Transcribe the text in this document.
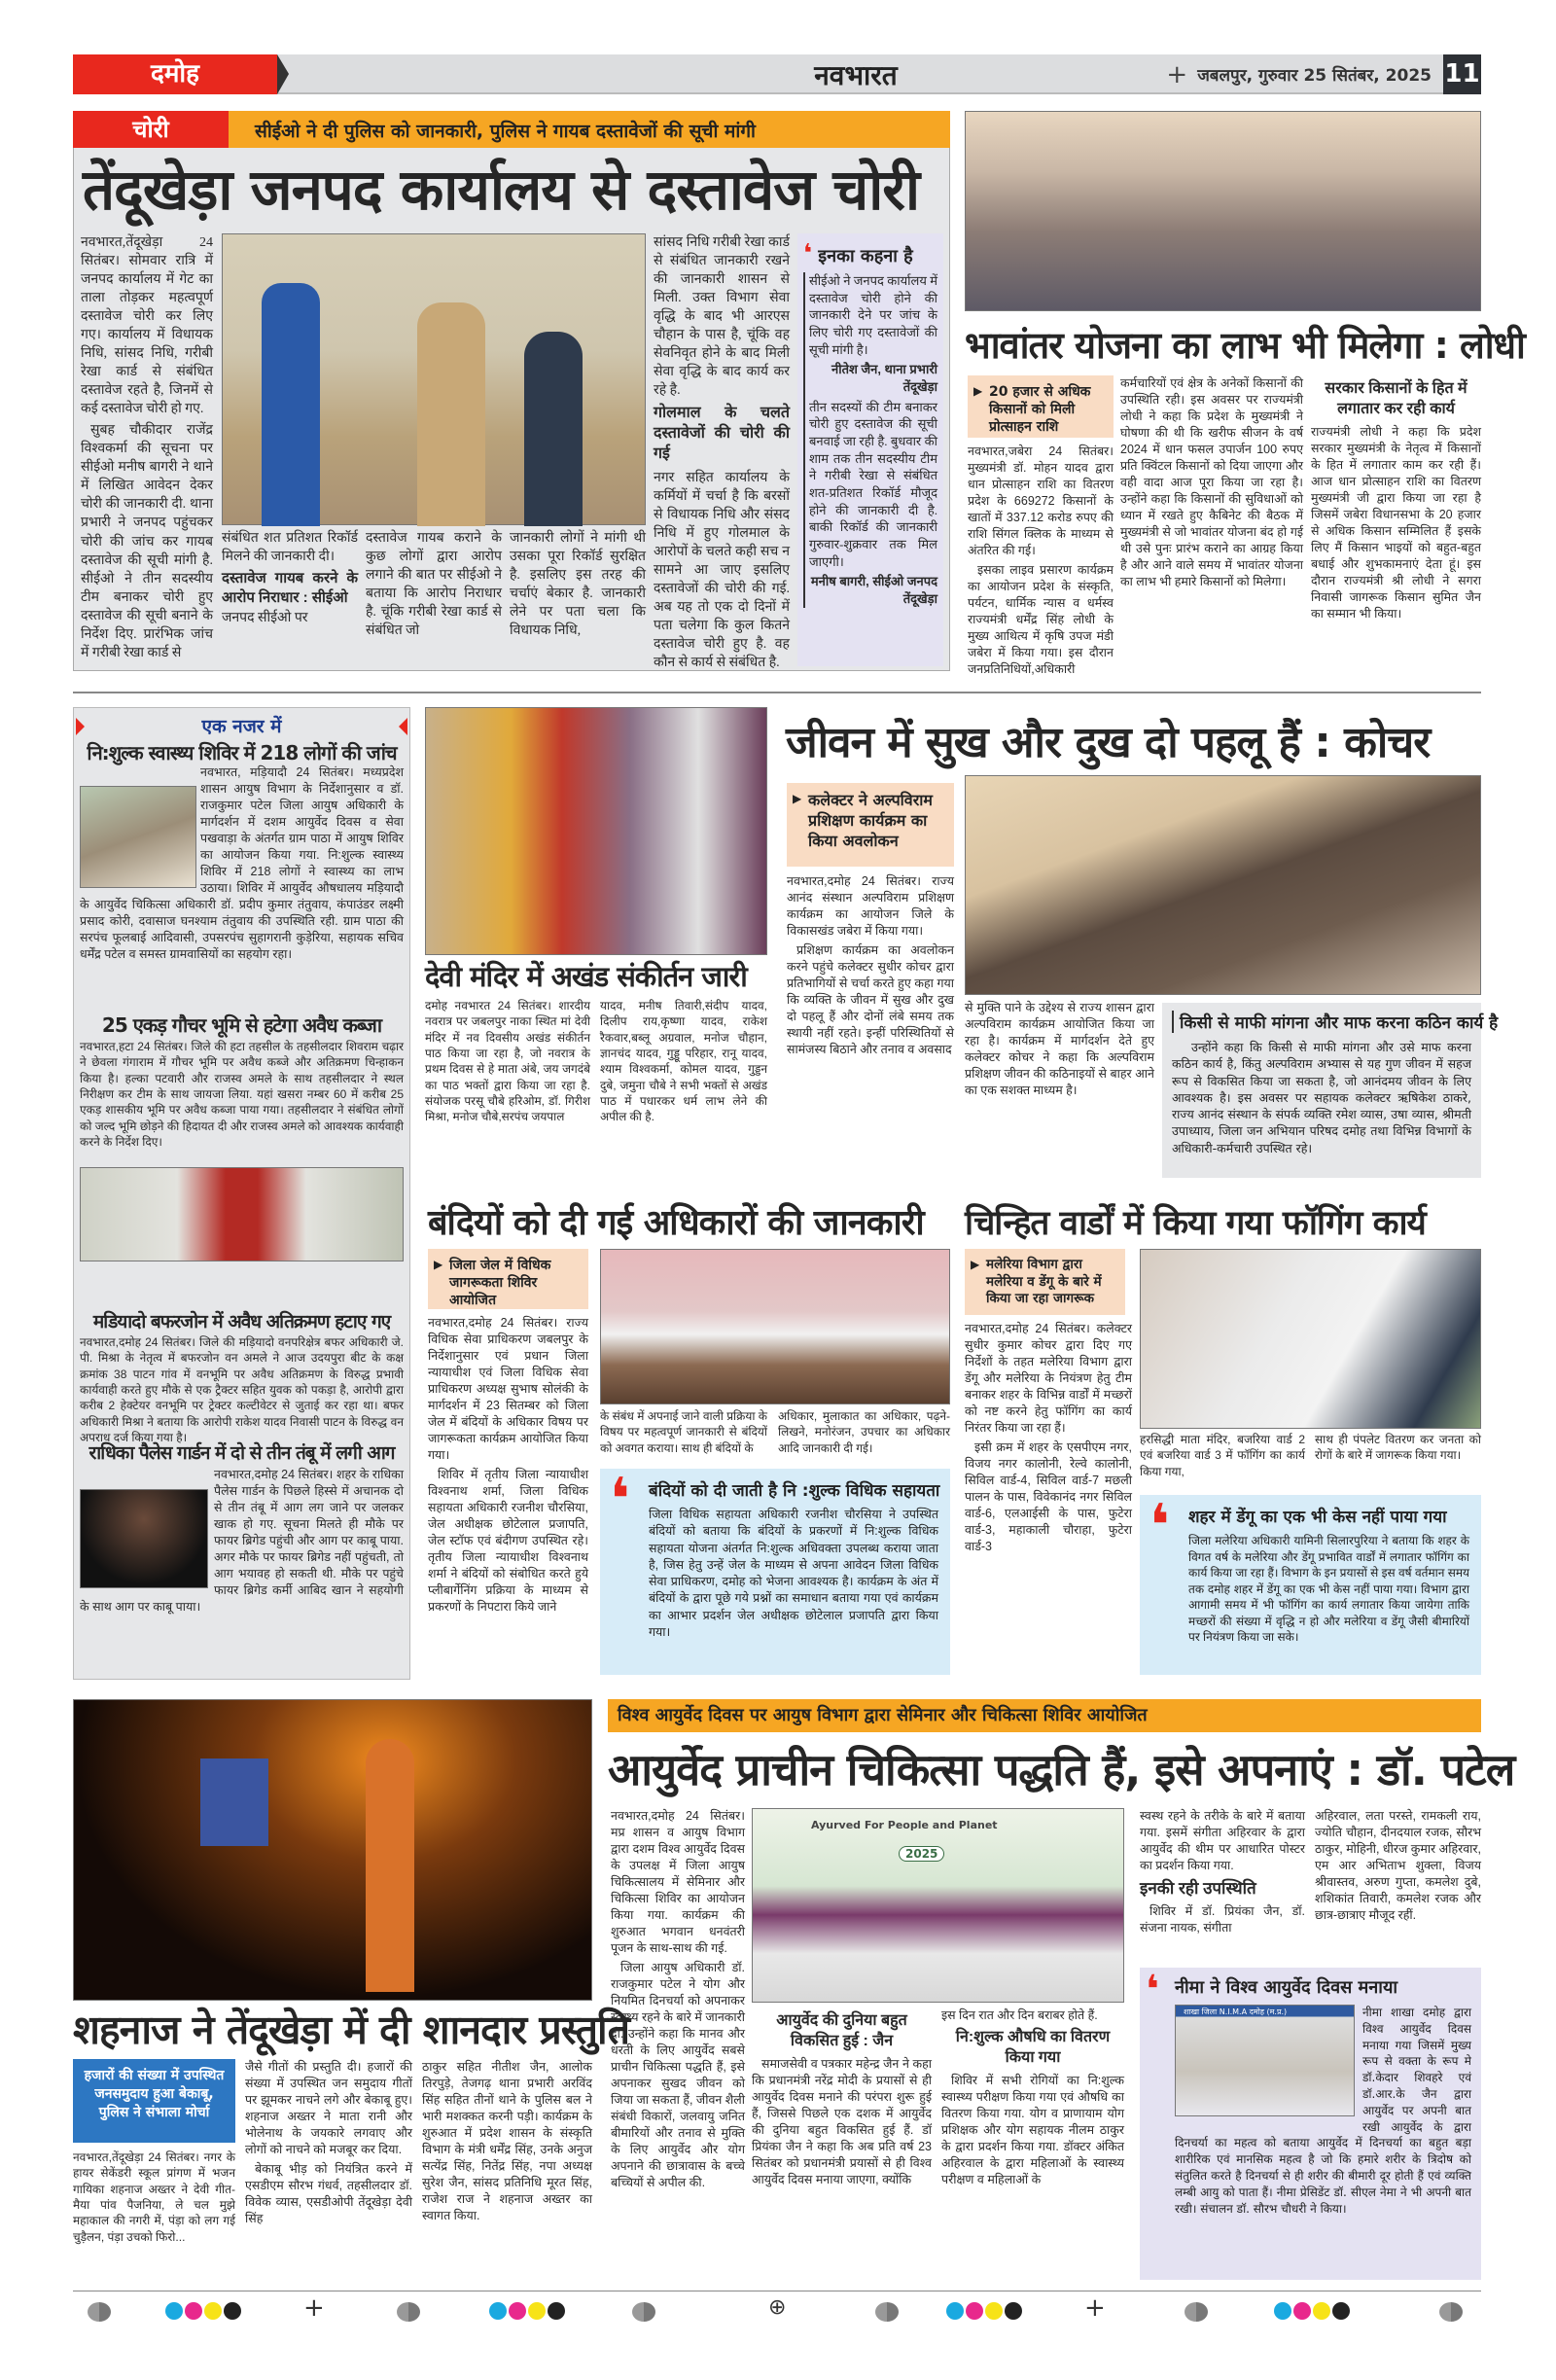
दमोह	नवभारत	+ जबलपुर, गुरुवार 25 सितंबर, 2025 11
चोरी	सीईओ ने दी पुलिस को जानकारी, पुलिस ने गायब दस्तावेजों की सूची मांगी
तेंदूखेड़ा जनपद कार्यालय से दस्तावेज चोरी

नवभारत,तेंदूखेड़ा 24 सितंबर। सोमवार रात्रि में जनपद कार्यालय में गेट का ताला तोड़कर महत्वपूर्ण दस्तावेज चोरी कर लिए गए। कार्यालय में विधायक निधि, सांसद निधि, गरीबी रेखा कार्ड से संबंधित दस्तावेज रहते है, जिनमें से कई दस्तावेज चोरी हो गए.

सुबह चौकीदार राजेंद्र विश्वकर्मा की सूचना पर सीईओ मनीष बागरी ने थाने में लिखित आवेदन देकर चोरी की जानकारी दी. थाना प्रभारी ने जनपद पहुंचकर चोरी की जांच कर गायब दस्तावेज की सूची मांगी है. सीईओ ने तीन सदस्यीय टीम बनाकर चोरी हुए दस्तावेज की सूची बनाने के निर्देश दिए. प्रारंभिक जांच में गरीबी रेखा कार्ड से

संबंधित शत प्रतिशत रिकॉर्ड मिलने की जानकारी दी।

दस्तावेज गायब करने के आरोप निराधार : सीईओ

जनपद सीईओ पर

दस्तावेज गायब कराने के कुछ लोगों द्वारा आरोप लगाने की बात पर सीईओ ने बताया कि आरोप निराधार है. चूंकि गरीबी रेखा कार्ड से संबंधित जो

जानकारी लोगों ने मांगी थी उसका पूरा रिकॉर्ड सुरक्षित है. इसलिए इस तरह की चर्चाएं बेकार है. जानकारी लेने पर पता चला कि विधायक निधि,

सांसद निधि गरीबी रेखा कार्ड से संबंधित जानकारी रखने की जानकारी शासन से मिली. उक्त विभाग सेवा वृद्धि के बाद भी आरएस चौहान के पास है, चूंकि वह सेवनिवृत होने के बाद मिली सेवा वृद्धि के बाद कार्य कर रहे है.

गोलमाल के चलते दस्तावेजों की चोरी की गई

नगर सहित कार्यालय के कर्मियों में चर्चा है कि बरसों से विधायक निधि और संसद निधि में हुए गोलमाल के आरोपों के चलते कही सच न सामने आ जाए इसलिए दस्तावेजों की चोरी की गई. अब यह तो एक दो दिनों में पता चलेगा कि कुल कितने दस्तावेज चोरी हुए है. वह कौन से कार्य से संबंधित है.

❛ इनका कहना है

सीईओ ने जनपद कार्यालय में दस्तावेज चोरी होने की जानकारी देने पर जांच के लिए चोरी गए दस्तावेजों की सूची मांगी है।

नीतेश जैन, थाना प्रभारी तेंदूखेड़ा

तीन सदस्यों की टीम बनाकर चोरी हुए दस्तावेज की सूची बनवाई जा रही है. बुधवार की शाम तक तीन सदस्यीय टीम ने गरीबी रेखा से संबंधित शत-प्रतिशत रिकॉर्ड मौजूद होने की जानकारी दी है. बाकी रिकॉर्ड की जानकारी गुरुवार-शुक्रवार तक मिल जाएगी।

मनीष बागरी, सीईओ जनपद तेंदूखेड़ा

भावांतर योजना का लाभ भी मिलेगा : लोधी
▶ 20 हजार से अधिक किसानों को मिली प्रोत्साहन राशि

नवभारत,जबेरा 24 सितंबर। मुख्यमंत्री डॉ. मोहन यादव द्वारा धान प्रोत्साहन राशि का वितरण प्रदेश के 669272 किसानों के खातों में 337.12 करोड रुपए की राशि सिंगल क्लिक के माध्यम से अंतरित की गई।

इसका लाइव प्रसारण कार्यक्रम का आयोजन प्रदेश के संस्कृति, पर्यटन, धार्मिक न्यास व धर्मस्व राज्यमंत्री धर्मेंद्र सिंह लोधी के मुख्य आथित्य में कृषि उपज मंडी जबेरा में किया गया। इस दौरान जनप्रतिनिधियों,अधिकारी

कर्मचारियों एवं क्षेत्र के अनेकों किसानों की उपस्थिति रही। इस अवसर पर राज्यमंत्री लोधी ने कहा कि प्रदेश के मुख्यमंत्री ने घोषणा की थी कि खरीफ सीजन के वर्ष 2024 में धान फसल उपार्जन 100 रुपए प्रति क्विंटल किसानों को दिया जाएगा और वही वादा आज पूरा किया जा रहा है। उन्होंने कहा कि किसानों की सुविधाओं को ध्यान में रखते हुए कैबिनेट की बैठक में मुख्यमंत्री से जो भावांतर योजना बंद हो गई थी उसे पुनः प्रारंभ कराने का आग्रह किया है और आने वाले समय में भावांतर योजना का लाभ भी हमारे किसानों को मिलेगा।

सरकार किसानों के हित में लगातार कर रही कार्य

राज्यमंत्री लोधी ने कहा कि प्रदेश सरकार मुख्यमंत्री के नेतृत्व में किसानों के हित में लगातार काम कर रही हैं। आज धान प्रोत्साहन राशि का वितरण मुख्यमंत्री जी द्वारा किया जा रहा है जिसमें जबेरा विधानसभा के 20 हजार से अधिक किसान सम्मिलित हैं इसके लिए मैं किसान भाइयों को बहुत-बहुत बधाई और शुभकामनाएं देता हूं। इस दौरान राज्यमंत्री श्री लोधी ने सगरा निवासी जागरूक किसान सुमित जैन का सम्मान भी किया।

एक नजर में
नि:शुल्क स्वास्थ्य शिविर में 218 लोगों की जांच

नवभारत, मड़ियादौ 24 सितंबर। मध्यप्रदेश शासन आयुष विभाग के निर्देशानुसार व डॉ. राजकुमार पटेल जिला आयुष अधिकारी के मार्गदर्शन में दशम आयुर्वेद दिवस व सेवा पखवाड़ा के अंतर्गत ग्राम पाठा में आयुष शिविर का आयोजन किया गया. नि:शुल्क स्वास्थ्य शिविर में 218 लोगों ने स्वास्थ्य का लाभ उठाया। शिविर में आयुर्वेद औषधालय मड़ियादौ के आयुर्वेद चिकित्सा अधिकारी डॉ. प्रदीप कुमार तंतुवाय, कंपाउंडर लक्ष्मी प्रसाद कोरी, दवासाज घनश्याम तंतुवाय की उपस्थिति रही. ग्राम पाठा की सरपंच फूलबाई आदिवासी, उपसरपंच सुहागरानी कुड़ेरिया, सहायक सचिव धर्मेंद्र पटेल व समस्त ग्रामवासियों का सहयोग रहा।

25 एकड़ गौचर भूमि से हटेगा अवैध कब्जा

नवभारत,हटा 24 सितंबर। जिले की हटा तहसील के तहसीलदार शिवराम चढ़ार ने छेवला गंगाराम में गौचर भूमि पर अवैध कब्जे और अतिक्रमण चिन्हाकन किया है। हल्का पटवारी और राजस्व अमले के साथ तहसीलदार ने स्थल निरीक्षण कर टीम के साथ जायजा लिया. यहां खसरा नम्बर 60 में करीब 25 एकड़ शासकीय भूमि पर अवैध कब्जा पाया गया। तहसीलदार ने संबंधित लोगों को जल्द भूमि छोड़ने की हिदायत दी और राजस्व अमले को आवश्यक कार्यवाही करने के निर्देश दिए।

मडियादो बफरजोन में अवैध अतिक्रमण हटाए गए

नवभारत,दमोह 24 सितंबर। जिले की मड़ियादो वनपरिक्षेत्र बफर अधिकारी जे. पी. मिश्रा के नेतृत्व में बफरजोन वन अमले ने आज उदयपुरा बीट के कक्ष क्रमांक 38 पाटन गांव में वनभूमि पर अवैध अतिक्रमण के विरुद्ध प्रभावी कार्यवाही करते हुए मौके से एक ट्रैक्टर सहित युवक को पकड़ा है, आरोपी द्वारा करीब 2 हेक्टेयर वनभूमि पर ट्रेक्टर कल्टीवेटर से जुताई कर रहा था। बफर अधिकारी मिश्रा ने बताया कि आरोपी राकेश यादव निवासी पाटन के विरुद्ध वन अपराध दर्ज किया गया है।

राधिका पैलेस गार्डन में दो से तीन तंबू में लगी आग

नवभारत,दमोह 24 सितंबर। शहर के राधिका पैलेस गार्डन के पिछले हिस्से में अचानक दो से तीन तंबू में आग लग जाने पर जलकर खाक हो गए. सूचना मिलते ही मौके पर फायर ब्रिगेड पहुंची और आग पर काबू पाया. अगर मौके पर फायर ब्रिगेड नहीं पहुंचती, तो आग भयावह हो सकती थी. मौके पर पहुंचे फायर ब्रिगेड कर्मी आबिद खान ने सहयोगी के साथ आग पर काबू पाया।

देवी मंदिर में अखंड संकीर्तन जारी

दमोह नवभारत 24 सितंबर। शारदीय नवरात्र पर जबलपुर नाका स्थित मां देवी मंदिर में नव दिवसीय अखंड संकीर्तन पाठ किया जा रहा है, जो नवरात्र के प्रथम दिवस से हे माता अंबे, जय जगदंबे का पाठ भक्तों द्वारा किया जा रहा है. संयोजक परसू चौबे हरिओम, डॉ. गिरीश मिश्रा, मनोज चौबे,सरपंच जयपाल

यादव, मनीष तिवारी,संदीप यादव, दिलीप राय,कृष्णा यादव, राकेश रैकवार,बब्लू अग्रवाल, मनोज चौहान, ज्ञानचंद यादव, गुड्डू परिहार, रानू यादव, श्याम विश्वकर्मा, कोमल यादव, गुड्डन दुबे, जमुना चौबे ने सभी भक्तों से अखंड पाठ में पधारकर धर्म लाभ लेने की अपील की है.

जीवन में सुख और दुख दो पहलू हैं : कोचर
▶ कलेक्टर ने अल्पविराम प्रशिक्षण कार्यक्रम का किया अवलोकन

नवभारत,दमोह 24 सितंबर। राज्य आनंद संस्थान अल्पविराम प्रशिक्षण कार्यक्रम का आयोजन जिले के विकासखंड जबेरा में किया गया।

प्रशिक्षण कार्यक्रम का अवलोकन करने पहुंचे कलेक्टर सुधीर कोचर द्वारा प्रतिभागियों से चर्चा करते हुए कहा गया कि व्यक्ति के जीवन में सुख और दुख दो पहलू हैं और दोनों लंबे समय तक स्थायी नहीं रहते। इन्हीं परिस्थितियों से सामंजस्य बिठाने और तनाव व अवसाद

से मुक्ति पाने के उद्देश्य से राज्य शासन द्वारा अल्पविराम कार्यक्रम आयोजित किया जा रहा है। कार्यक्रम में मार्गदर्शन देते हुए कलेक्टर कोचर ने कहा कि अल्पविराम प्रशिक्षण जीवन की कठिनाइयों से बाहर आने का एक सशक्त माध्यम है।

किसी से माफी मांगना और माफ करना कठिन कार्य है
उन्होंने कहा कि किसी से माफी मांगना और उसे माफ करना कठिन कार्य है, किंतु अल्पविराम अभ्यास से यह गुण जीवन में सहज रूप से विकसित किया जा सकता है, जो आनंदमय जीवन के लिए आवश्यक है। इस अवसर पर सहायक कलेक्टर ऋषिकेश ठाकरे, राज्य आनंद संस्थान के संपर्क व्यक्ति रमेश व्यास, उषा व्यास, श्रीमती उपाध्याय, जिला जन अभियान परिषद दमोह तथा विभिन्न विभागों के अधिकारी-कर्मचारी उपस्थित रहे।
बंदियों को दी गई अधिकारों की जानकारी
▶ जिला जेल में विधिक जागरूकता शिविर आयोजित

नवभारत,दमोह 24 सितंबर। राज्य विधिक सेवा प्राधिकरण जबलपुर के निर्देशानुसार एवं प्रधान जिला न्यायाधीश एवं जिला विधिक सेवा प्राधिकरण अध्यक्ष सुभाष सोलंकी के मार्गदर्शन में 23 सितम्बर को जिला जेल में बंदियों के अधिकार विषय पर जागरूकता कार्यक्रम आयोजित किया गया।

शिविर में तृतीय जिला न्यायाधीश विश्वनाथ शर्मा, जिला विधिक सहायता अधिकारी रजनीश चौरसिया, जेल अधीक्षक छोटेलाल प्रजापति, जेल स्टॉफ एवं बंदीगण उपस्थित रहे। तृतीय जिला न्यायाधीश विश्वनाथ शर्मा ने बंदियों को संबोधित करते हुये प्लीबार्गेनिंग प्रक्रिया के माध्यम से प्रकरणों के निपटारा किये जाने

के संबंध में अपनाई जाने वाली प्रक्रिया के विषय पर महत्वपूर्ण जानकारी से बंदियों को अवगत कराया। साथ ही बंदियों के

अधिकार, मुलाकात का अधिकार, पढ़ने-लिखने, मनोरंजन, उपचार का अधिकार आदि जानकारी दी गई।

❛ बंदियों को दी जाती है नि :शुल्क विधिक सहायता
जिला विधिक सहायता अधिकारी रजनीश चौरसिया ने उपस्थित बंदियों को बताया कि बंदियों के प्रकरणों में नि:शुल्क विधिक सहायता योजना अंतर्गत नि:शुल्क अधिवक्ता उपलब्ध कराया जाता है, जिस हेतु उन्हें जेल के माध्यम से अपना आवेदन जिला विधिक सेवा प्राधिकरण, दमोह को भेजना आवश्यक है। कार्यक्रम के अंत में बंदियों के द्वारा पूछे गये प्रश्नों का समाधान बताया गया एवं कार्यक्रम का आभार प्रदर्शन जेल अधीक्षक छोटेलाल प्रजापति द्वारा किया गया।
चिन्हित वार्डों में किया गया फॉगिंग कार्य
▶ मलेरिया विभाग द्वारा मलेरिया व डेंगू के बारे में किया जा रहा जागरूक

नवभारत,दमोह 24 सितंबर। कलेक्टर सुधीर कुमार कोचर द्वारा दिए गए निर्देशों के तहत मलेरिया विभाग द्वारा डेंगू और मलेरिया के नियंत्रण हेतु टीम बनाकर शहर के विभिन्न वार्डों में मच्छरों को नष्ट करने हेतु फॉगिंग का कार्य निरंतर किया जा रहा हैं।

इसी क्रम में शहर के एसपीएम नगर, विजय नगर कालोनी, रेल्वे कालोनी, सिविल वार्ड-4, सिविल वार्ड-7 मछली पालन के पास, विवेकानंद नगर सिविल वार्ड-6, एलआईसी के पास, फुटेरा वार्ड-3, महाकाली चौराहा, फुटेरा वार्ड-3

हरसिद्धी माता मंदिर, बजरिया वार्ड 2 एवं बजरिया वार्ड 3 में फॉगिंग का कार्य किया गया,

साथ ही पंपलेट वितरण कर जनता को रोगों के बारे में जागरूक किया गया।

❛ शहर में डेंगू का एक भी केस नहीं पाया गया
जिला मलेरिया अधिकारी यामिनी सिलारपुरिया ने बताया कि शहर के विगत वर्ष के मलेरिया और डेंगू प्रभावित वार्डों में लगातार फॉगिंग का कार्य किया जा रहा हैं। विभाग के इन प्रयासों से इस वर्ष वर्तमान समय तक दमोह शहर में डेंगू का एक भी केस नहीं पाया गया। विभाग द्वारा आगामी समय में भी फॉगिंग का कार्य लगातार किया जायेगा ताकि मच्छरों की संख्या में वृद्धि न हो और मलेरिया व डेंगू जैसी बीमारियों पर नियंत्रण किया जा सके।
शहनाज ने तेंदूखेड़ा में दी शानदार प्रस्तुति
हजारों की संख्या में उपस्थित जनसमुदाय हुआ बेकाबू, पुलिस ने संभाला मोर्चा

नवभारत,तेंदूखेड़ा 24 सितंबर। नगर के हायर सेकेंडरी स्कूल प्रांगण में भजन गायिका शहनाज अख्तर ने देवी गीत-मैया पांव पैजनिया, ले चल मुझे महाकाल की नगरी में, पंड़ा को लग गई चुड़ैलन, पंड़ा उचको फिरो...

जैसे गीतों की प्रस्तुति दी। हजारों की संख्या में उपस्थित जन समुदाय गीतों पर झूमकर नाचने लगे और बेकाबू हुए। शहनाज अख्तर ने माता रानी और भोलेनाथ के जयकारे लगवाए और लोगों को नाचने को मजबूर कर दिया.

बेकाबू भीड़ को नियंत्रित करने में एसडीएम सौरभ गंधर्व, तहसीलदार डॉ. विवेक व्यास, एसडीओपी तेंदूखेड़ा देवी सिंह

ठाकुर सहित नीतीश जैन, आलोक तिरपुड़े, तेजगढ़ थाना प्रभारी अरविंद सिंह सहित तीनों थाने के पुलिस बल ने भारी मशक्कत करनी पड़ी। कार्यक्रम के शुरुआत में प्रदेश शासन के संस्कृति विभाग के मंत्री धर्मेंद्र सिंह, उनके अनुज सत्येंद्र सिंह, नितेंद्र सिंह, नपा अध्यक्ष सुरेश जैन, सांसद प्रतिनिधि मूरत सिंह, राजेश राज ने शहनाज अख्तर का स्वागत किया.

विश्व आयुर्वेद दिवस पर आयुष विभाग द्वारा सेमिनार और चिकित्सा शिविर आयोजित
आयुर्वेद प्राचीन चिकित्सा पद्धति हैं, इसे अपनाएं : डॉ. पटेल

नवभारत,दमोह 24 सितंबर। मप्र शासन व आयुष विभाग द्वारा दशम विश्व आयुर्वेद दिवस के उपलक्ष में जिला आयुष चिकित्सालय में सेमिनार और चिकित्सा शिविर का आयोजन किया गया. कार्यक्रम की शुरुआत भगवान धनवंतरी पूजन के साथ-साथ की गई.

जिला आयुष अधिकारी डॉ. राजकुमार पटेल ने योग और नियमित दिनचर्या को अपनाकर स्वस्थ्य रहने के बारे में जानकारी दी. उन्होंने कहा कि मानव और धरती के लिए आयुर्वेद सबसे प्राचीन चिकित्सा पद्धति हैं, इसे अपनाकर सुखद जीवन को जिया जा सकता हैं, जीवन शैली संबंधी विकारों, जलवायु जनित बीमारियों और तनाव से मुक्ति के लिए आयुर्वेद और योग अपनाने की छात्रावास के बच्चे बच्चियों से अपील की.

Ayurved For People and Planet
2025
आयुर्वेद की दुनिया बहुत विकसित हुई : जैन

समाजसेवी व पत्रकार महेन्द्र जैन ने कहा कि प्रधानमंत्री नरेंद्र मोदी के प्रयासों से ही आयुर्वेद दिवस मनाने की परंपरा शुरू हुई हैं, जिससे पिछले एक दशक में आयुर्वेद की दुनिया बहुत विकसित हुई हैं. डॉ प्रियंका जैन ने कहा कि अब प्रति वर्ष 23 सितंबर को प्रधानमंत्री प्रयासों से ही विश्व आयुर्वेद दिवस मनाया जाएगा, क्योंकि

इस दिन रात और दिन बराबर होते हैं.

नि:शुल्क औषधि का वितरण किया गया

शिविर में सभी रोगियों का नि:शुल्क स्वास्थ्य परीक्षण किया गया एवं औषधि का वितरण किया गया. योग व प्राणायाम योग प्रशिक्षक और योग सहायक नीलम ठाकुर के द्वारा प्रदर्शन किया गया. डॉक्टर अंकित अहिरवाल के द्वारा महिलाओं के स्वास्थ्य परीक्षण व महिलाओं के

स्वस्थ रहने के तरीके के बारे में बताया गया. इसमें संगीता अहिरवार के द्वारा आयुर्वेद की थीम पर आधारित पोस्टर का प्रदर्शन किया गया.

इनकी रही उपस्थिति

शिविर में डॉ. प्रियंका जैन, डॉ. संजना नायक, संगीता

अहिरवाल, लता परस्ते, रामकली राय, ज्योति चौहान, दीनदयाल रजक, सौरभ ठाकुर, मोहिनी, धीरज कुमार अहिरवार, एम आर अभिताभ शुक्ला, विजय श्रीवास्तव, अरुण गुप्ता, कमलेश दुबे, शशिकांत तिवारी, कमलेश रजक और छात्र-छात्राए मौजूद रहीं.

❛ नीमा ने विश्व आयुर्वेद दिवस मनाया
शाखा जिला N.I.M.A दमोह (म.प्र.)	नीमा शाखा दमोह द्वारा विश्व आयुर्वेद दिवस मनाया गया जिसमें मुख्य रूप से वक्ता के रूप मे डॉ.केदार शिवहरे एवं डॉ.आर.के जैन द्वारा आयुर्वेद पर अपनी बात रखी आयुर्वेद के द्वारा दिनचर्या का महत्व को बताया आयुर्वेद में दिनचर्या का बहुत बड़ा शारीरिक एवं मानसिक महत्व है जो कि हमारे शरीर के त्रिदोष को संतुलित करते है दिनचर्या से ही शरीर की बीमारी दूर होती हैं एवं व्यक्ति लम्बी आयु को पाता हैं। नीमा प्रेसिडेंट डॉ. सीएल नेमा ने भी अपनी बात रखी। संचालन डॉ. सौरभ चौधरी ने किया।
+	⊕	+
